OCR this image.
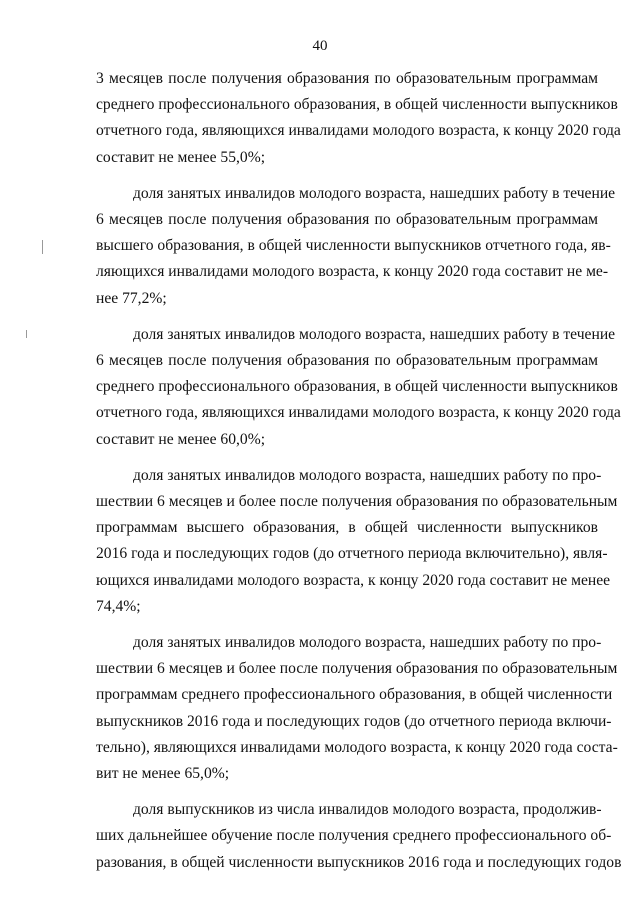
40
3 месяцев после получения образования по образовательным программам
среднего профессионального образования, в общей численности выпускников
отчетного года, являющихся инвалидами молодого возраста, к концу 2020 года
составит не менее 55,0%;
доля занятых инвалидов молодого возраста, нашедших работу в течение
6 месяцев после получения образования по образовательным программам
высшего образования, в общей численности выпускников отчетного года, яв-
ляющихся инвалидами молодого возраста, к концу 2020 года составит не ме-
нее 77,2%;
доля занятых инвалидов молодого возраста, нашедших работу в течение
6 месяцев после получения образования по образовательным программам
среднего профессионального образования, в общей численности выпускников
отчетного года, являющихся инвалидами молодого возраста, к концу 2020 года
составит не менее 60,0%;
доля занятых инвалидов молодого возраста, нашедших работу по про-
шествии 6 месяцев и более после получения образования по образовательным
программам высшего образования, в общей численности выпускников
2016 года и последующих годов (до отчетного периода включительно), явля-
ющихся инвалидами молодого возраста, к концу 2020 года составит не менее
74,4%;
доля занятых инвалидов молодого возраста, нашедших работу по про-
шествии 6 месяцев и более после получения образования по образовательным
программам среднего профессионального образования, в общей численности
выпускников 2016 года и последующих годов (до отчетного периода включи-
тельно), являющихся инвалидами молодого возраста, к концу 2020 года соста-
вит не менее 65,0%;
доля выпускников из числа инвалидов молодого возраста, продолжив-
ших дальнейшее обучение после получения среднего профессионального об-
разования, в общей численности выпускников 2016 года и последующих годов
